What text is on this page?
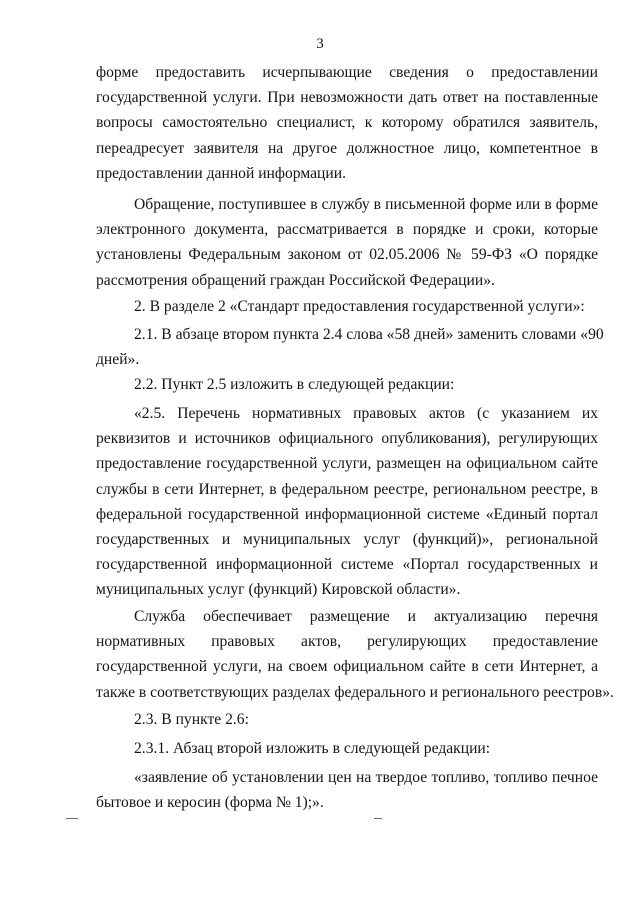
3
форме предоставить исчерпывающие сведения о предоставлении
государственной услуги. При невозможности дать ответ на поставленные
вопросы самостоятельно специалист, к которому обратился заявитель,
переадресует заявителя на другое должностное лицо, компетентное в
предоставлении данной информации.
Обращение, поступившее в службу в письменной форме или в форме
электронного документа, рассматривается в порядке и сроки, которые
установлены Федеральным законом от 02.05.2006 № 59-ФЗ «О порядке
рассмотрения обращений граждан Российской Федерации».
2. В разделе 2 «Стандарт предоставления государственной услуги»:
2.1. В абзаце втором пункта 2.4 слова «58 дней» заменить словами «90
дней».
2.2. Пункт 2.5 изложить в следующей редакции:
«2.5. Перечень нормативных правовых актов (с указанием их
реквизитов и источников официального опубликования), регулирующих
предоставление государственной услуги, размещен на официальном сайте
службы в сети Интернет, в федеральном реестре, региональном реестре, в
федеральной государственной информационной системе «Единый портал
государственных и муниципальных услуг (функций)», региональной
государственной информационной системе «Портал государственных и
муниципальных услуг (функций) Кировской области».
Служба обеспечивает размещение и актуализацию перечня
нормативных правовых актов, регулирующих предоставление
государственной услуги, на своем официальном сайте в сети Интернет, а
также в соответствующих разделах федерального и регионального реестров».
2.3. В пункте 2.6:
2.3.1. Абзац второй изложить в следующей редакции:
«заявление об установлении цен на твердое топливо, топливо печное
бытовое и керосин (форма № 1);».
